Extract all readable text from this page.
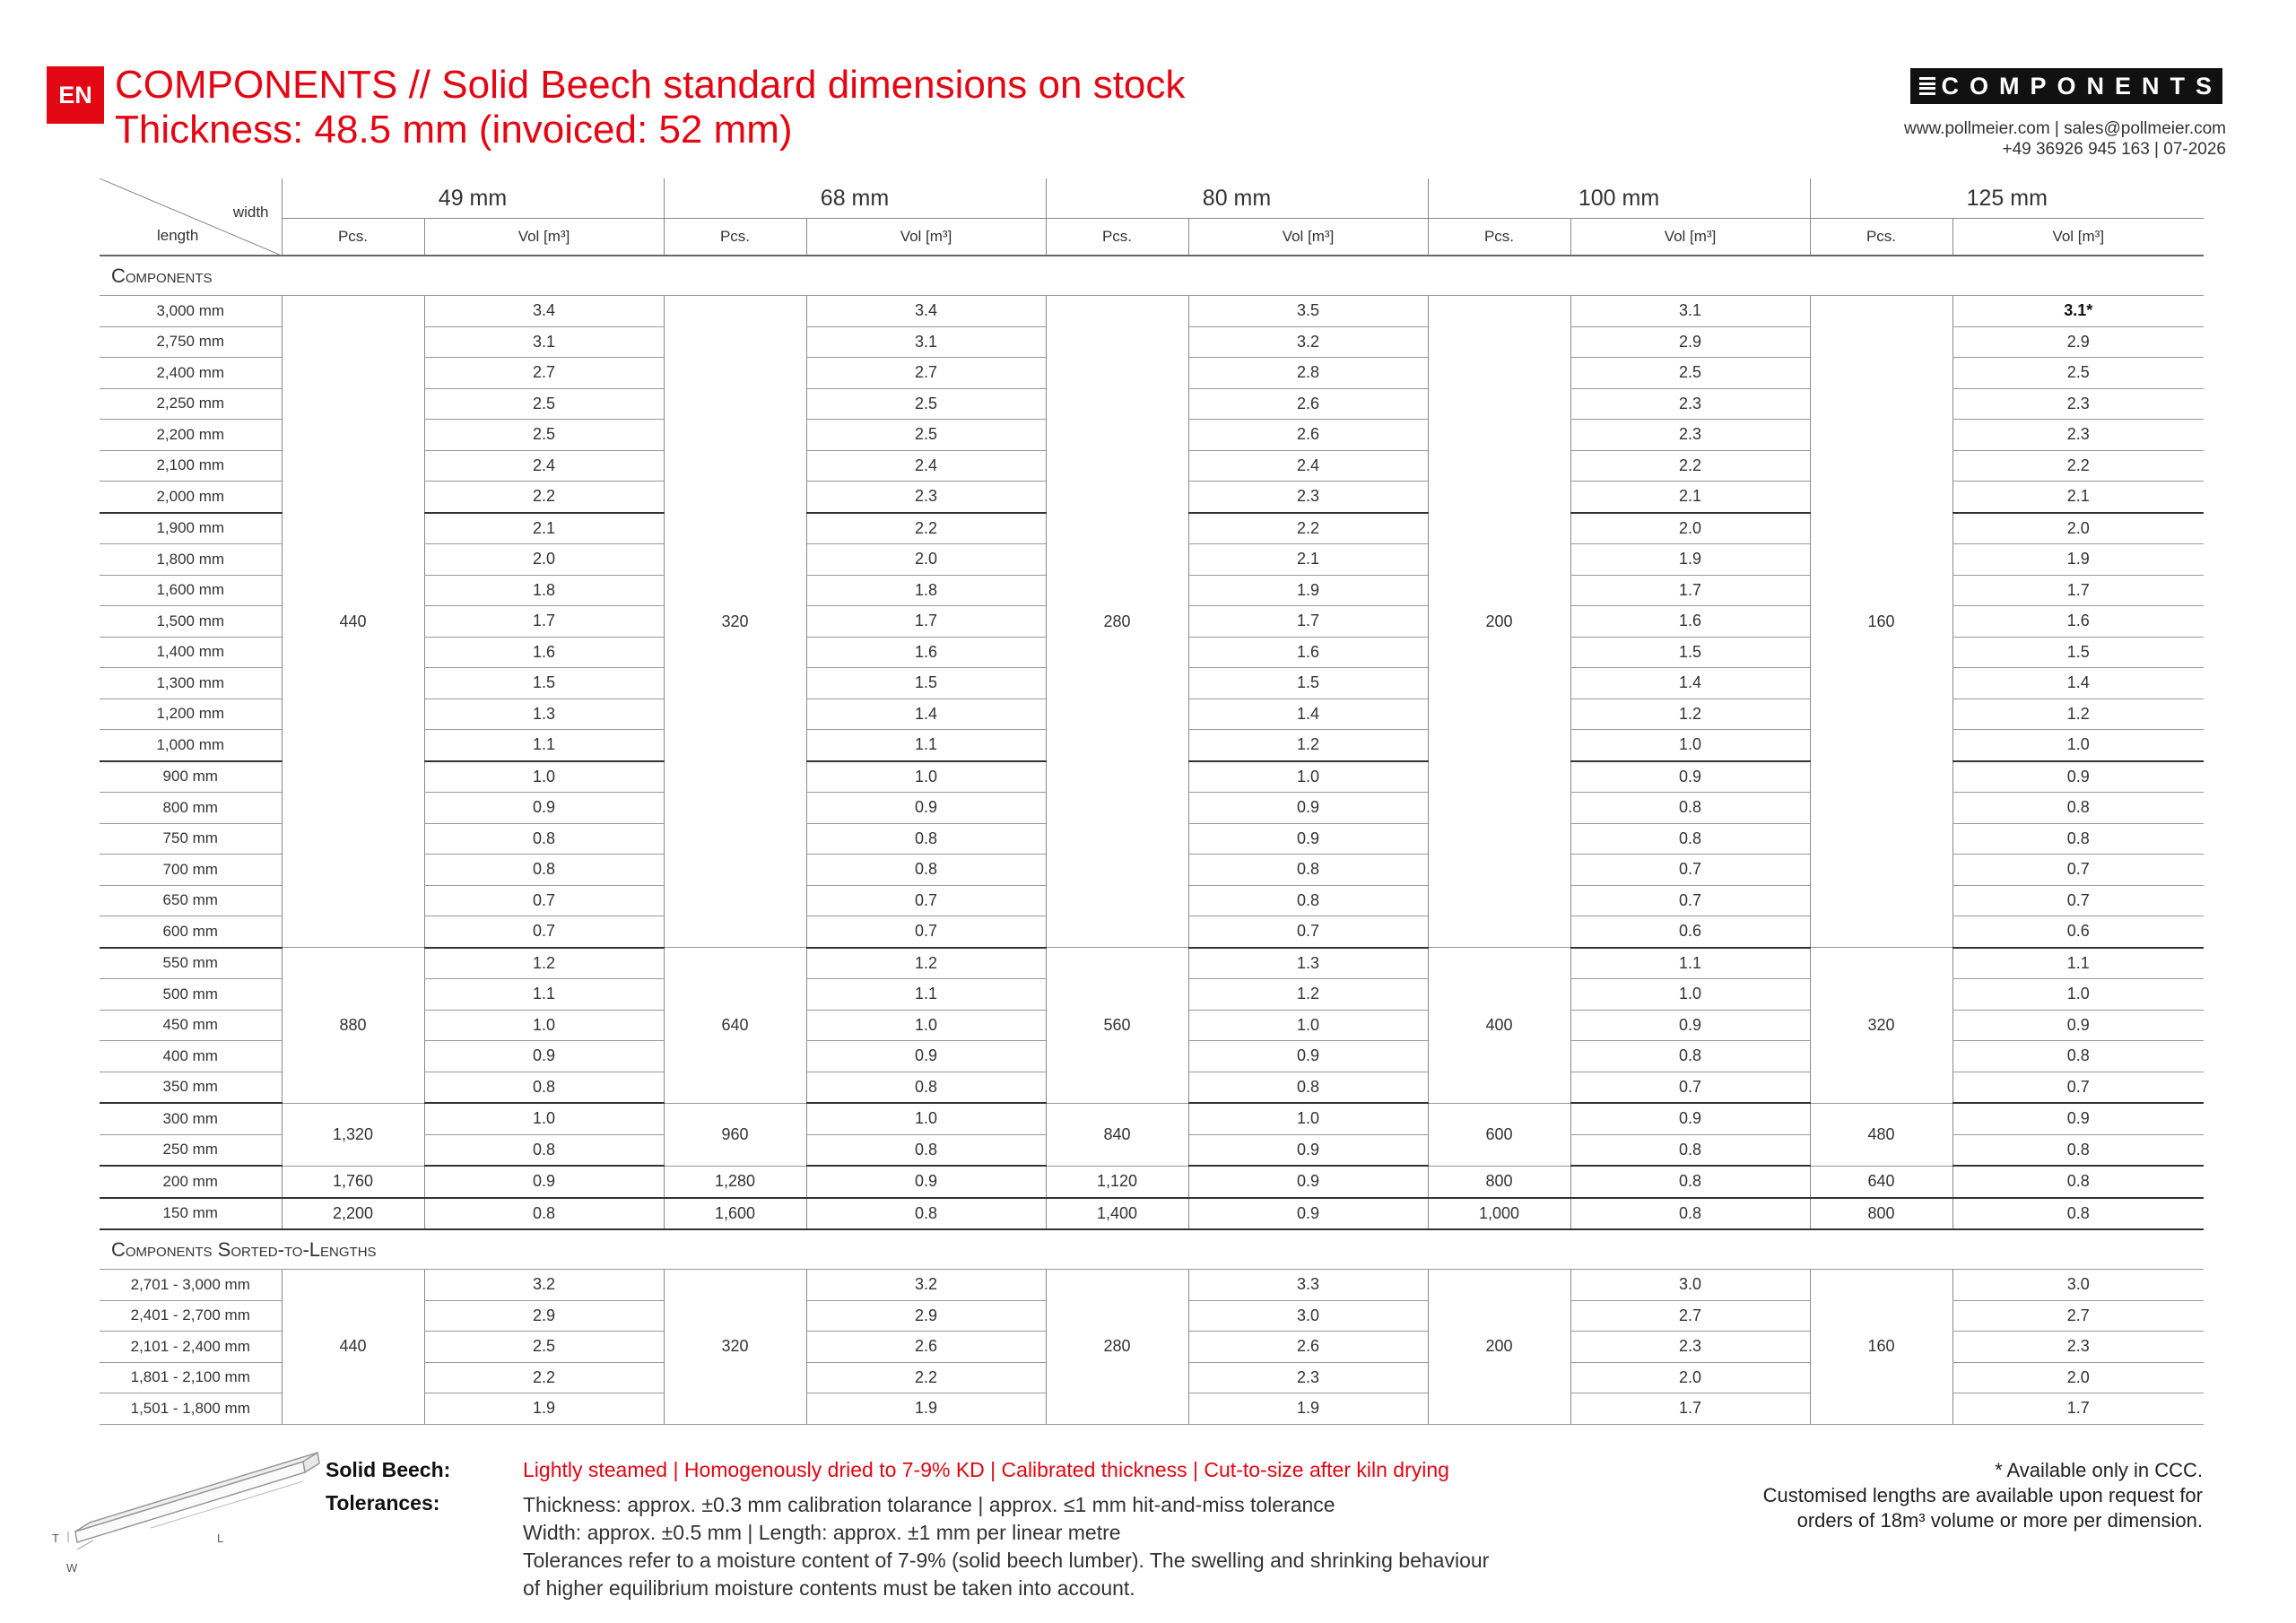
EN COMPONENTS // Solid Beech standard dimensions on stock
Thickness: 48.5 mm (invoiced: 52 mm)
COMPONENTS
www.pollmeier.com | sales@pollmeier.com
+49 36926 945 163 | 07-2026
width
length	49 mm		68 mm		80 mm		100 mm		125 mm	
	Pcs.	Vol [m³]	Pcs.	Vol [m³]	Pcs.	Vol [m³]	Pcs.	Vol [m³]	Pcs.	Vol [m³]
Components										
3,000 mm	440	3.4	320	3.4	280	3.5	200	3.1	160	3.1*
2,750 mm		3.1		3.1		3.2		2.9		2.9
2,400 mm		2.7		2.7		2.8		2.5		2.5
2,250 mm		2.5		2.5		2.6		2.3		2.3
2,200 mm		2.5		2.5		2.6		2.3		2.3
2,100 mm		2.4		2.4		2.4		2.2		2.2
2,000 mm		2.2		2.3		2.3		2.1		2.1
1,900 mm		2.1		2.2		2.2		2.0		2.0
1,800 mm		2.0		2.0		2.1		1.9		1.9
1,600 mm		1.8		1.8		1.9		1.7		1.7
1,500 mm		1.7		1.7		1.7		1.6		1.6
1,400 mm		1.6		1.6		1.6		1.5		1.5
1,300 mm		1.5		1.5		1.5		1.4		1.4
1,200 mm		1.3		1.4		1.4		1.2		1.2
1,000 mm		1.1		1.1		1.2		1.0		1.0
900 mm		1.0		1.0		1.0		0.9		0.9
800 mm		0.9		0.9		0.9		0.8		0.8
750 mm		0.8		0.8		0.9		0.8		0.8
700 mm		0.8		0.8		0.8		0.7		0.7
650 mm		0.7		0.7		0.8		0.7		0.7
600 mm		0.7		0.7		0.7		0.6		0.6
550 mm	880	1.2	640	1.2	560	1.3	400	1.1	320	1.1
500 mm		1.1		1.1		1.2		1.0		1.0
450 mm		1.0		1.0		1.0		0.9		0.9
400 mm		0.9		0.9		0.9		0.8		0.8
350 mm		0.8		0.8		0.8		0.7		0.7
300 mm	1,320	1.0	960	1.0	840	1.0	600	0.9	480	0.9
250 mm		0.8		0.8		0.9		0.8		0.8
200 mm	1,760	0.9	1,280	0.9	1,120	0.9	800	0.8	640	0.8
150 mm	2,200	0.8	1,600	0.8	1,400	0.9	1,000	0.8	800	0.8
Components Sorted-to-Lengths										
2,701 - 3,000 mm	440	3.2	320	3.2	280	3.3	200	3.0	160	3.0
2,401 - 2,700 mm		2.9		2.9		3.0		2.7		2.7
2,101 - 2,400 mm		2.5		2.6		2.6		2.3		2.3
1,801 - 2,100 mm		2.2		2.2		2.3		2.0		2.0
1,501 - 1,800 mm		1.9		1.9		1.9		1.7		1.7
T
W
L
Solid Beech:	Lightly steamed | Homogenously dried to 7-9% KD | Calibrated thickness | Cut-to-size after kiln drying
Tolerances:	Thickness: approx. ±0.3 mm calibration tolarance | approx. ≤1 mm hit-and-miss tolerance
Width: approx. ±0.5 mm | Length: approx. ±1 mm per linear metre
Tolerances refer to a moisture content of 7-9% (solid beech lumber). The swelling and shrinking behaviour
of higher equilibrium moisture contents must be taken into account.
* Available only in CCC.
Customised lengths are available upon request for
orders of 18m³ volume or more per dimension.
